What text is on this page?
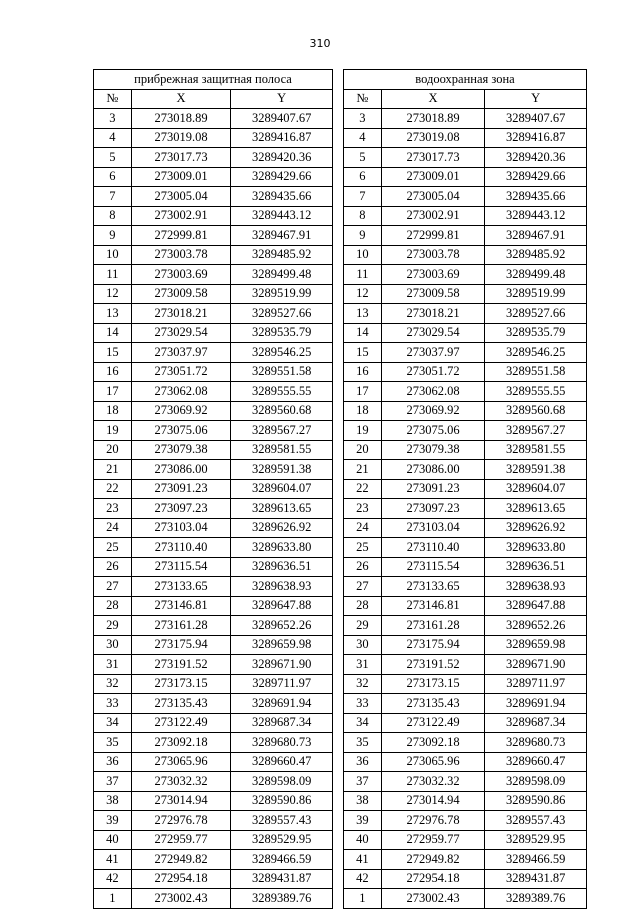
310
прибрежная защитная полоса		
№	X	Y
3	273018.89	3289407.67
4	273019.08	3289416.87
5	273017.73	3289420.36
6	273009.01	3289429.66
7	273005.04	3289435.66
8	273002.91	3289443.12
9	272999.81	3289467.91
10	273003.78	3289485.92
11	273003.69	3289499.48
12	273009.58	3289519.99
13	273018.21	3289527.66
14	273029.54	3289535.79
15	273037.97	3289546.25
16	273051.72	3289551.58
17	273062.08	3289555.55
18	273069.92	3289560.68
19	273075.06	3289567.27
20	273079.38	3289581.55
21	273086.00	3289591.38
22	273091.23	3289604.07
23	273097.23	3289613.65
24	273103.04	3289626.92
25	273110.40	3289633.80
26	273115.54	3289636.51
27	273133.65	3289638.93
28	273146.81	3289647.88
29	273161.28	3289652.26
30	273175.94	3289659.98
31	273191.52	3289671.90
32	273173.15	3289711.97
33	273135.43	3289691.94
34	273122.49	3289687.34
35	273092.18	3289680.73
36	273065.96	3289660.47
37	273032.32	3289598.09
38	273014.94	3289590.86
39	272976.78	3289557.43
40	272959.77	3289529.95
41	272949.82	3289466.59
42	272954.18	3289431.87
1	273002.43	3289389.76
водоохранная зона		
№	X	Y
3	273018.89	3289407.67
4	273019.08	3289416.87
5	273017.73	3289420.36
6	273009.01	3289429.66
7	273005.04	3289435.66
8	273002.91	3289443.12
9	272999.81	3289467.91
10	273003.78	3289485.92
11	273003.69	3289499.48
12	273009.58	3289519.99
13	273018.21	3289527.66
14	273029.54	3289535.79
15	273037.97	3289546.25
16	273051.72	3289551.58
17	273062.08	3289555.55
18	273069.92	3289560.68
19	273075.06	3289567.27
20	273079.38	3289581.55
21	273086.00	3289591.38
22	273091.23	3289604.07
23	273097.23	3289613.65
24	273103.04	3289626.92
25	273110.40	3289633.80
26	273115.54	3289636.51
27	273133.65	3289638.93
28	273146.81	3289647.88
29	273161.28	3289652.26
30	273175.94	3289659.98
31	273191.52	3289671.90
32	273173.15	3289711.97
33	273135.43	3289691.94
34	273122.49	3289687.34
35	273092.18	3289680.73
36	273065.96	3289660.47
37	273032.32	3289598.09
38	273014.94	3289590.86
39	272976.78	3289557.43
40	272959.77	3289529.95
41	272949.82	3289466.59
42	272954.18	3289431.87
1	273002.43	3289389.76
